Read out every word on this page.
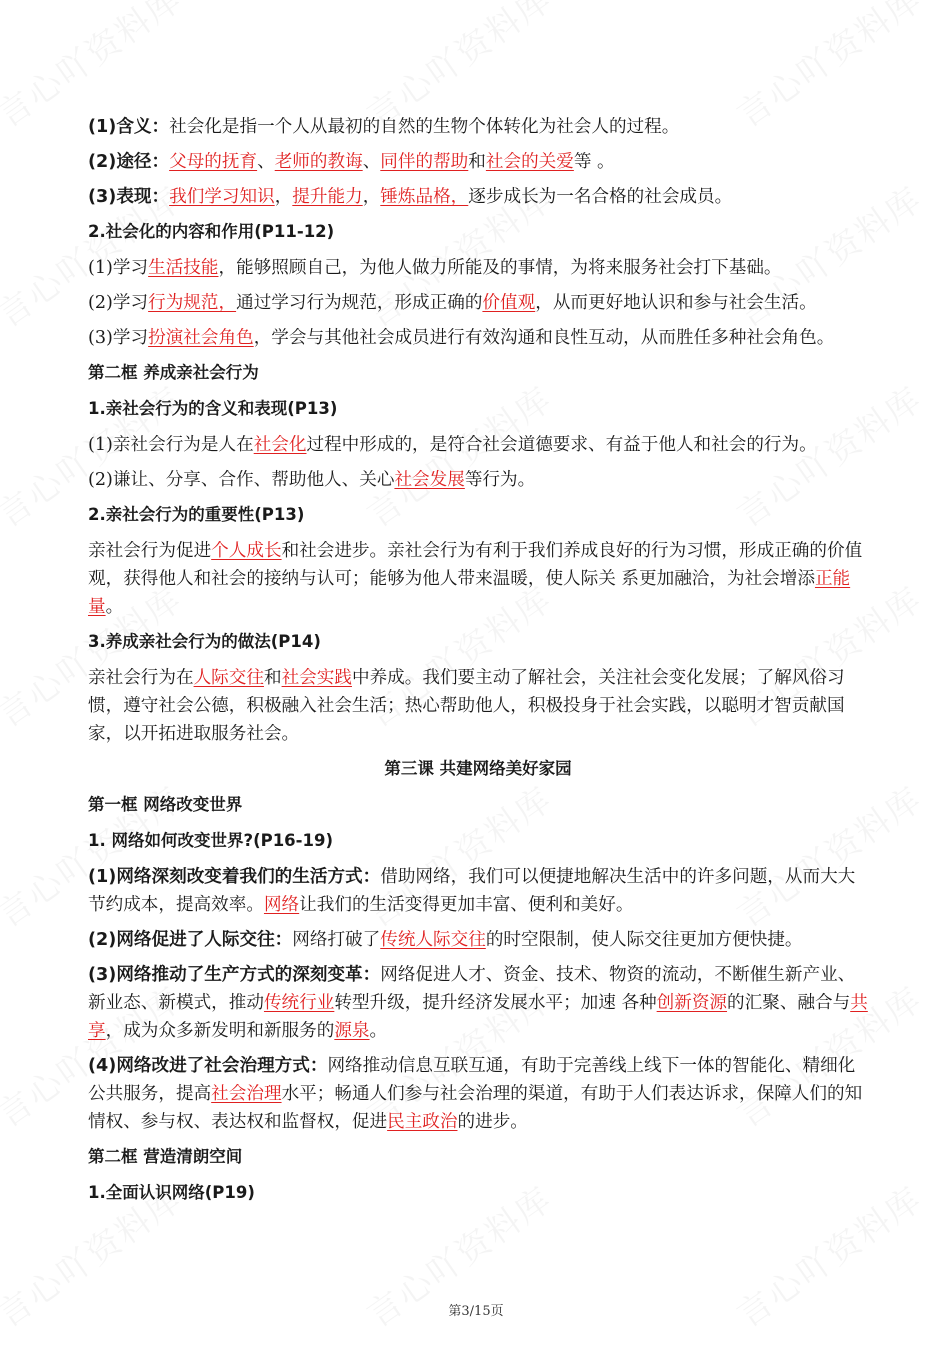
(1)含义：社会化是指一个人从最初的自然的生物个体转化为社会人的过程。
(2)途径：父母的抚育、老师的教诲、同伴的帮助和社会的关爱等 。
(3)表现：我们学习知识，提升能力，锤炼品格，逐步成长为一名合格的社会成员。
2.社会化的内容和作用(P11-12)
(1)学习生活技能，能够照顾自己，为他人做力所能及的事情，为将来服务社会打下基础。
(2)学习行为规范，通过学习行为规范，形成正确的价值观，从而更好地认识和参与社会生活。
(3)学习扮演社会角色，学会与其他社会成员进行有效沟通和良性互动，从而胜任多种社会角色。
第二框 养成亲社会行为
1.亲社会行为的含义和表现(P13)
(1)亲社会行为是人在社会化过程中形成的，是符合社会道德要求、有益于他人和社会的行为。
(2)谦让、分享、合作、帮助他人、关心社会发展等行为。
2.亲社会行为的重要性(P13)
亲社会行为促进个人成长和社会进步。亲社会行为有利于我们养成良好的行为习惯，形成正确的价值观，获得他人和社会的接纳与认可；能够为他人带来温暖，使人际关 系更加融洽，为社会增添正能量。
3.养成亲社会行为的做法(P14)
亲社会行为在人际交往和社会实践中养成。我们要主动了解社会，关注社会变化发展；了解风俗习惯，遵守社会公德，积极融入社会生活；热心帮助他人，积极投身于社会实践，以聪明才智贡献国家，以开拓进取服务社会。
第三课 共建网络美好家园
第一框 网络改变世界
1. 网络如何改变世界?(P16-19)
(1)网络深刻改变着我们的生活方式：借助网络，我们可以便捷地解决生活中的许多问题，从而大大节约成本，提高效率。网络让我们的生活变得更加丰富、便利和美好。
(2)网络促进了人际交往：网络打破了传统人际交往的时空限制，使人际交往更加方便快捷。
(3)网络推动了生产方式的深刻变革：网络促进人才、资金、技术、物资的流动，不断催生新产业、新业态、新模式，推动传统行业转型升级，提升经济发展水平；加速 各种创新资源的汇聚、融合与共享，成为众多新发明和新服务的源泉。
(4)网络改进了社会治理方式：网络推动信息互联互通，有助于完善线上线下一体的智能化、精细化公共服务，提高社会治理水平；畅通人们参与社会治理的渠道，有助于人们表达诉求，保障人们的知情权、参与权、表达权和监督权，促进民主政治的进步。
第二框 营造清朗空间
1.全面认识网络(P19)
第3/15页
